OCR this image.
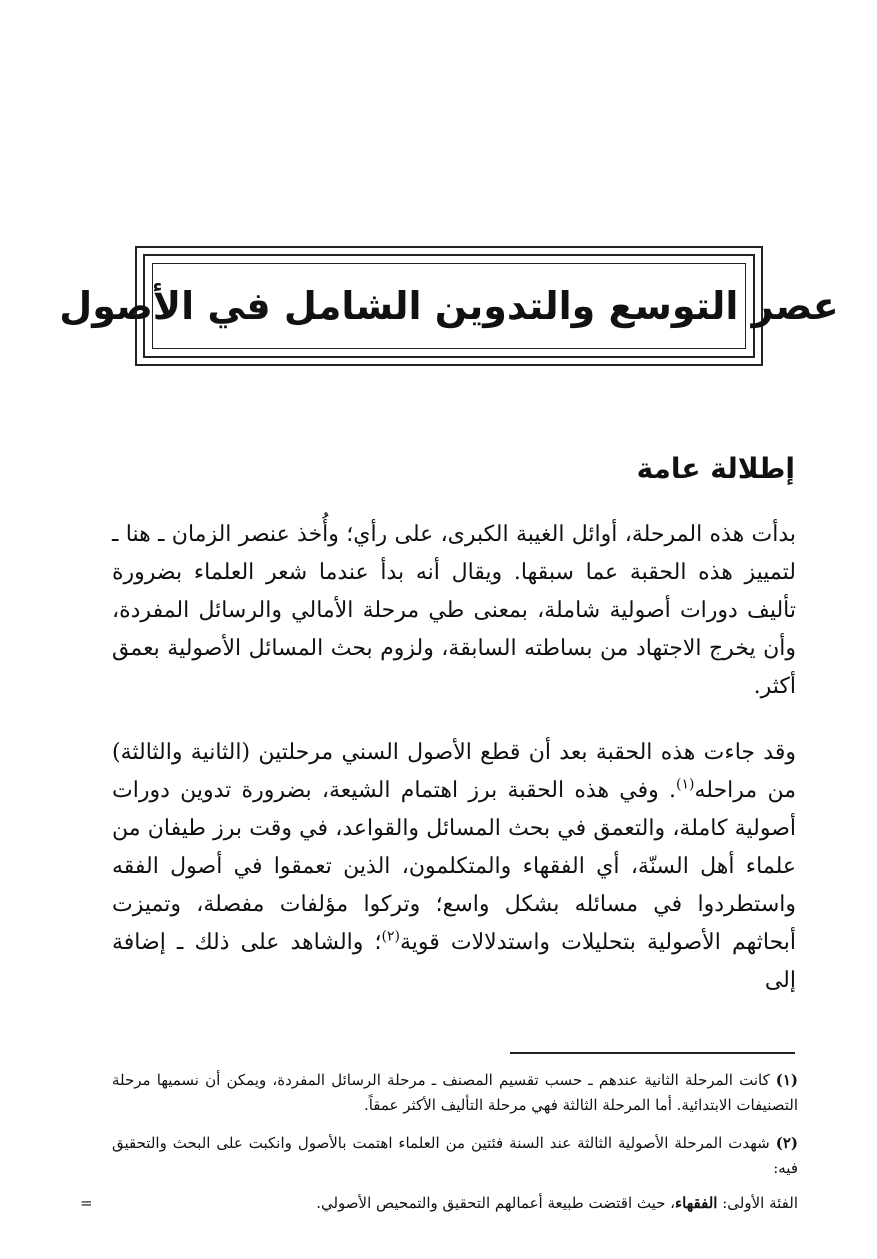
عصر التوسع والتدوين الشامل في الأصول
إطلالة عامة

بدأت هذه المرحلة، أوائل الغيبة الكبرى، على رأي؛ وأُخذ عنصر الزمان ـ هنا ـ لتمييز هذه الحقبة عما سبقها. ويقال أنه بدأ عندما شعر العلماء بضرورة تأليف دورات أصولية شاملة، بمعنى طي مرحلة الأمالي والرسائل المفردة، وأن يخرج الاجتهاد من بساطته السابقة، ولزوم بحث المسائل الأصولية بعمق أكثر.

وقد جاءت هذه الحقبة بعد أن قطع الأصول السني مرحلتين (الثانية والثالثة) من مراحله$^{(١)}$. وفي هذه الحقبة برز اهتمام الشيعة، بضرورة تدوين دورات أصولية كاملة، والتعمق في بحث المسائل والقواعد، في وقت برز طيفان من علماء أهل السنّة، أي الفقهاء والمتكلمون، الذين تعمقوا في أصول الفقه واستطردوا في مسائله بشكل واسع؛ وتركوا مؤلفات مفصلة، وتميزت أبحاثهم الأصولية بتحليلات واستدلالات قوية$^{(٢)}$؛ والشاهد على ذلك ـ إضافة إلى

(١)كانت المرحلة الثانية عندهم ـ حسب تقسيم المصنف ـ مرحلة الرسائل المفردة، ويمكن أن نسميها مرحلة التصنيفات الابتدائية. أما المرحلة الثالثة فهي مرحلة التأليف الأكثر عمقاً.

(٢)شهدت المرحلة الأصولية الثالثة عند السنة فئتين من العلماء اهتمت بالأصول وانكبت على البحث والتحقيق فيه:

الفئة الأولى: الفقهاء، حيث اقتضت طبيعة أعمالهم التحقيق والتمحيص الأصولي.

=
